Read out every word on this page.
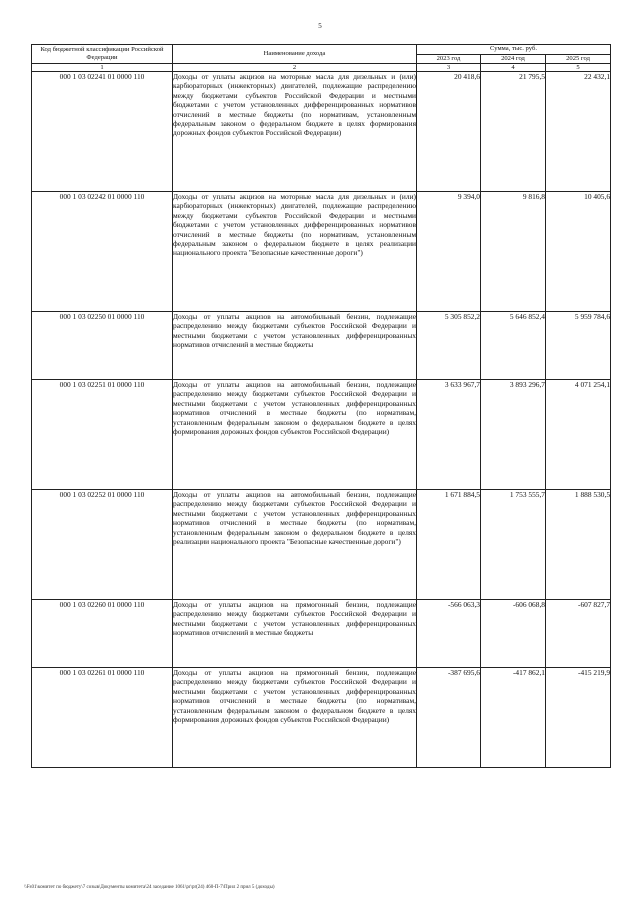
5
Код бюджетной классификации Российской Федерации	Наименование дохода	Сумма, тыс. руб.		
		2023 год	2024 год	2025 год
1	2	3	4	5
000 1 03 02241 01 0000 110	Доходы от уплаты акцизов на моторные масла для дизельных и (или) карбюраторных (инжекторных) двигателей, подлежащие распределению между бюджетами субъектов Российской Федерации и местными бюджетами с учетом установленных дифференцированных нормативов отчислений в местные бюджеты (по нормативам, установленным федеральным законом о федеральном бюджете в целях формирования дорожных фондов субъектов Российской Федерации)	20 418,6	21 795,5	22 432,1
000 1 03 02242 01 0000 110	Доходы от уплаты акцизов на моторные масла для дизельных и (или) карбюраторных (инжекторных) двигателей, подлежащие распределению между бюджетами субъектов Российской Федерации и местными бюджетами с учетом установленных дифференцированных нормативов отчислений в местные бюджеты (по нормативам, установленным федеральным законом о федеральном бюджете в целях реализации национального проекта "Безопасные качественные дороги")	9 394,0	9 816,8	10 405,6
000 1 03 02250 01 0000 110	Доходы от уплаты акцизов на автомобильный бензин, подлежащие распределению между бюджетами субъектов Российской Федерации и местными бюджетами с учетом установленных дифференцированных нормативов отчислений в местные бюджеты	5 305 852,2	5 646 852,4	5 959 784,6
000 1 03 02251 01 0000 110	Доходы от уплаты акцизов на автомобильный бензин, подлежащие распределению между бюджетами субъектов Российской Федерации и местными бюджетами с учетом установленных дифференцированных нормативов отчислений в местные бюджеты (по нормативам, установленным федеральным законом о федеральном бюджете в целях формирования дорожных фондов субъектов Российской Федерации)	3 633 967,7	3 893 296,7	4 071 254,1
000 1 03 02252 01 0000 110	Доходы от уплаты акцизов на автомобильный бензин, подлежащие распределению между бюджетами субъектов Российской Федерации и местными бюджетами с учетом установленных дифференцированных нормативов отчислений в местные бюджеты (по нормативам, установленным федеральным законом о федеральном бюджете в целях реализации национального проекта "Безопасные качественные дороги")	1 671 884,5	1 753 555,7	1 888 530,5
000 1 03 02260 01 0000 110	Доходы от уплаты акцизов на прямогонный бензин, подлежащие распределению между бюджетами субъектов Российской Федерации и местными бюджетами с учетом установленных дифференцированных нормативов отчислений в местные бюджеты	-566 063,3	-606 068,8	-607 827,7
000 1 03 02261 01 0000 110	Доходы от уплаты акцизов на прямогонный бензин, подлежащие распределению между бюджетами субъектов Российской Федерации и местными бюджетами с учетом установленных дифференцированных нормативов отчислений в местные бюджеты (по нормативам, установленным федеральным законом о федеральном бюджете в целях формирования дорожных фондов субъектов Российской Федерации)	-387 695,6	-417 862,1	-415 219,9
\\Fs01\комитет по бюджету\7 созыв\Документы комитета\24 заседание 1061\pr\pr(24) 460-П-7\Прил 2 прил 5 (доходы)
